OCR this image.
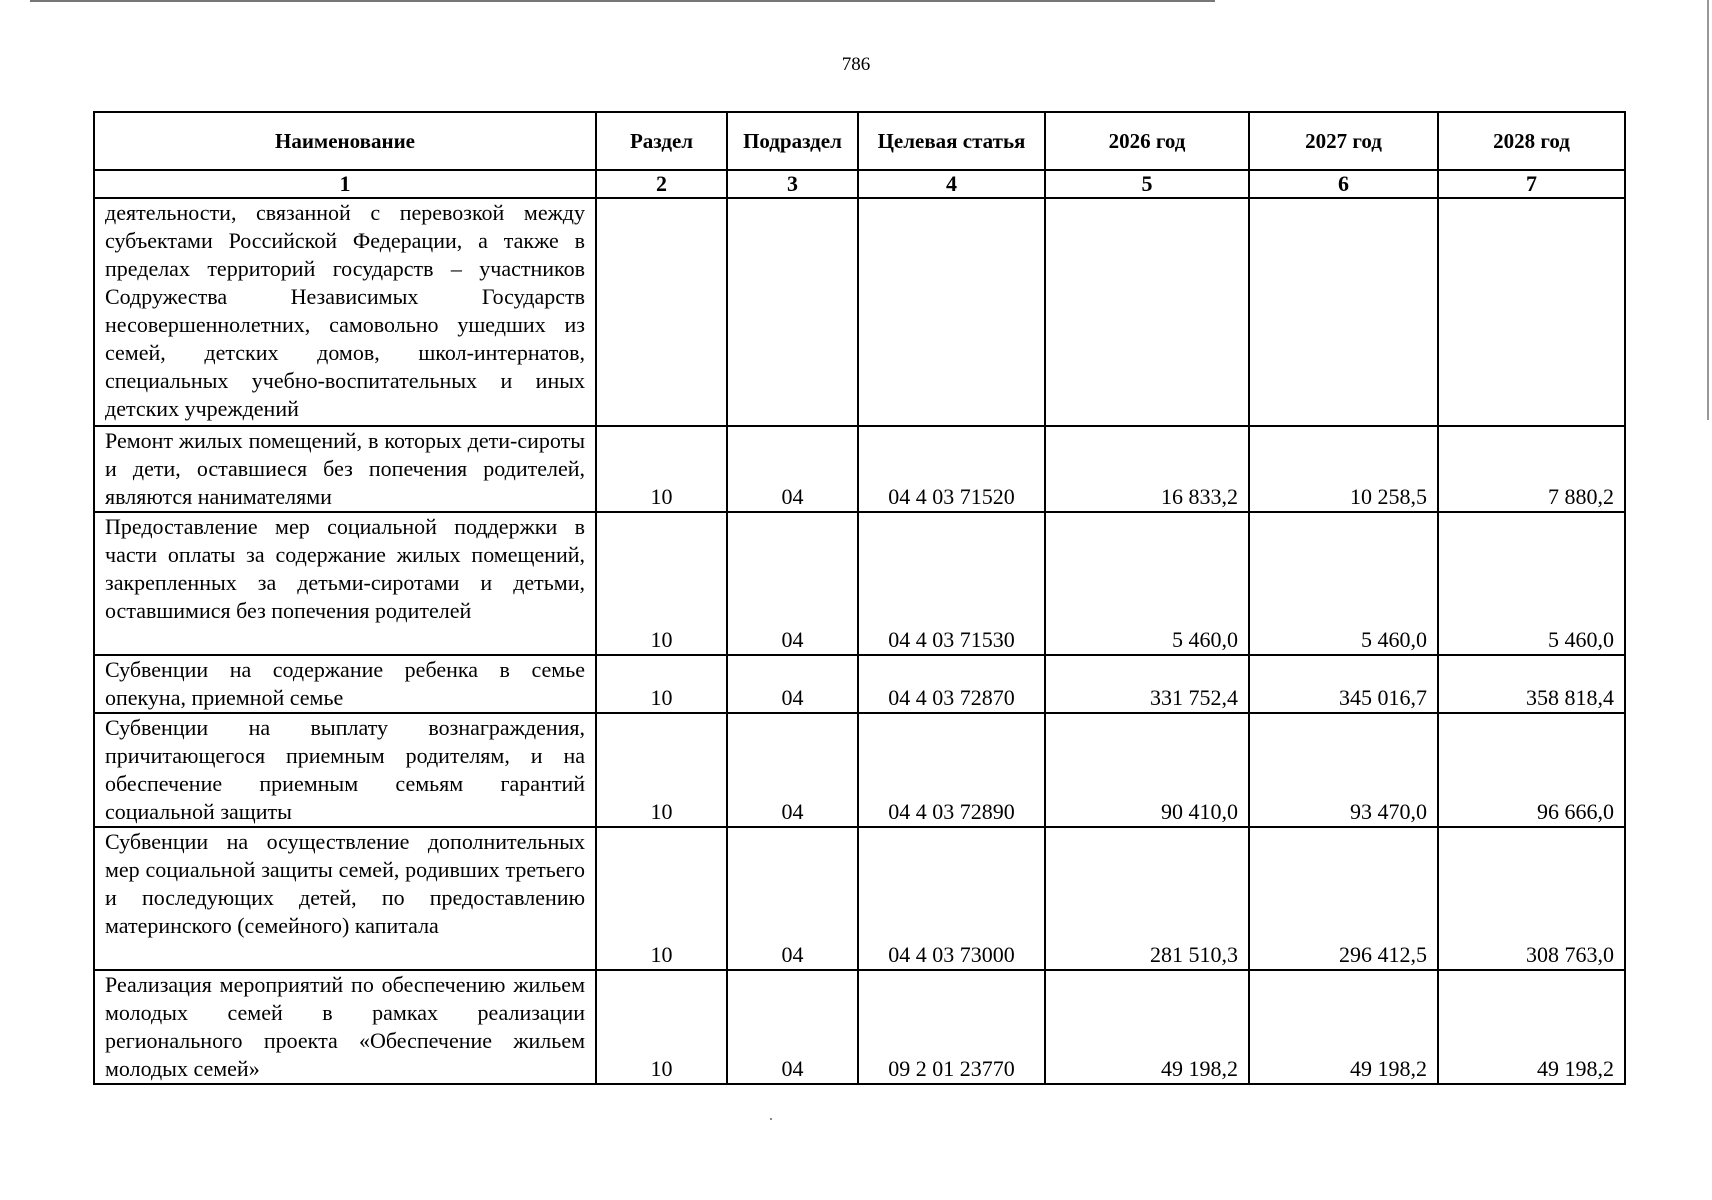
786
Наименование	Раздел	Подраздел	Целевая статья	2026 год	2027 год	2028 год
1	2	3	4	5	6	7
деятельности, связанной с перевозкой между субъектами Российской Федерации, а также в пределах территорий государств – участников Содружества Независимых Государств несовершеннолетних, самовольно ушедших из семей, детских домов, школ-интернатов, специальных учебно-воспитательных и иных детских учреждений						
Ремонт жилых помещений, в которых дети-сироты и дети, оставшиеся без попечения родителей, являются нанимателями	10	04	04 4 03 71520	16 833,2	10 258,5	7 880,2
Предоставление мер социальной поддержки в части оплаты за содержание жилых помещений, закрепленных за детьми-сиротами и детьми, оставшимися без попечения родителей	10	04	04 4 03 71530	5 460,0	5 460,0	5 460,0
Субвенции на содержание ребенка в семье опекуна, приемной семье	10	04	04 4 03 72870	331 752,4	345 016,7	358 818,4
Субвенции на выплату вознаграждения, причитающегося приемным родителям, и на обеспечение приемным семьям гарантий социальной защиты	10	04	04 4 03 72890	90 410,0	93 470,0	96 666,0
Субвенции на осуществление дополнительных мер социальной защиты семей, родивших третьего и последующих детей, по предоставлению материнского (семейного) капитала	10	04	04 4 03 73000	281 510,3	296 412,5	308 763,0
Реализация мероприятий по обеспечению жильем молодых семей в рамках реализации регионального проекта «Обеспечение жильем молодых семей»	10	04	09 2 01 23770	49 198,2	49 198,2	49 198,2
